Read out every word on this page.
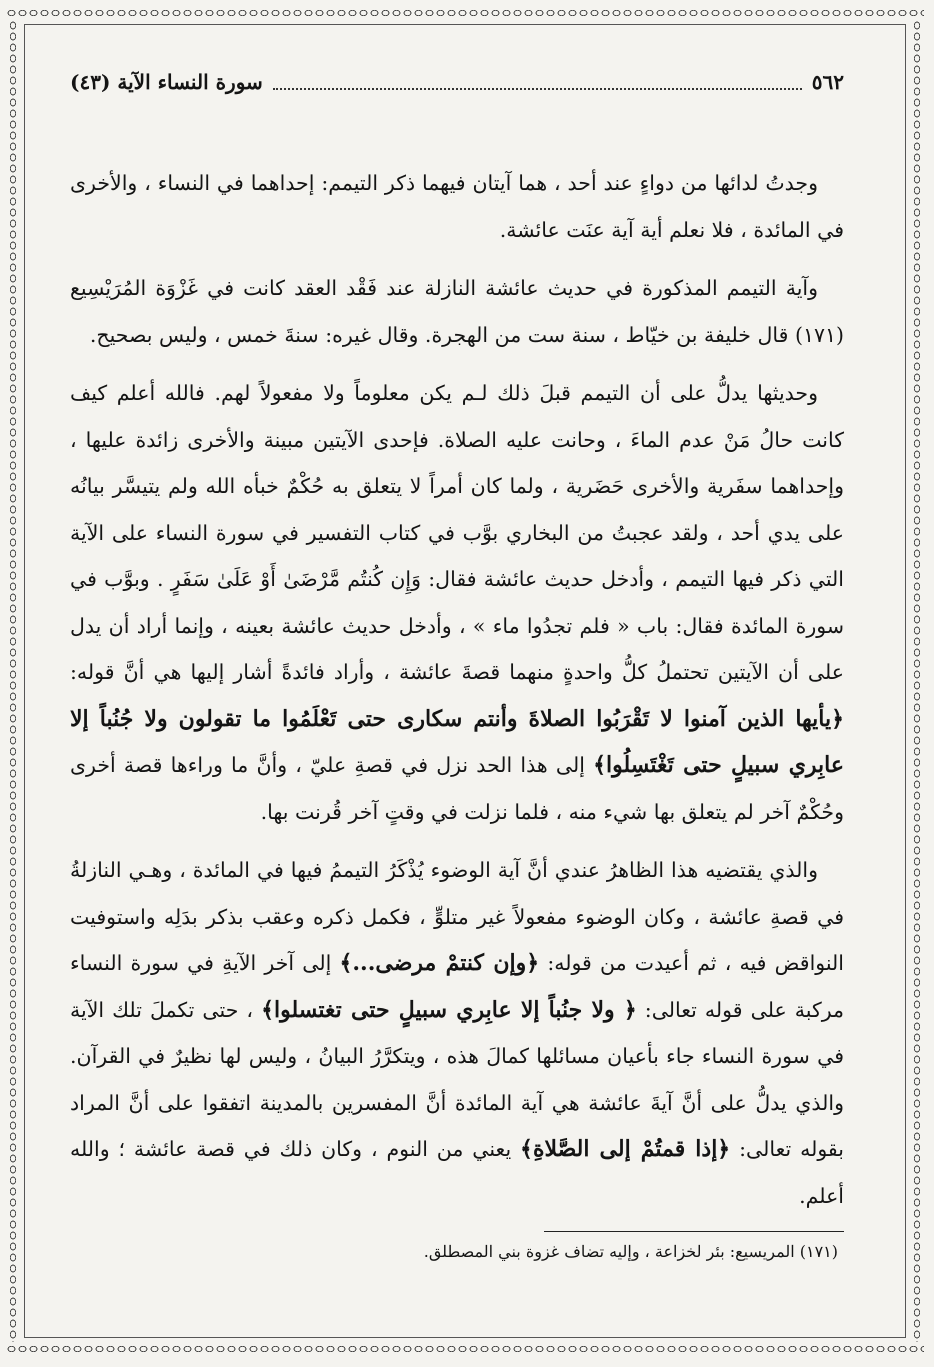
٥٦٢
سورة النساء الآية (٤٣)

وجدتُ لدائها من دواءٍ عند أحد ، هما آيتان فيهما ذكر التيمم: إحداهما في النساء ، والأخرى في المائدة ، فلا نعلم أية آية عنَت عائشة.

وآية التيمم المذكورة في حديث عائشة النازلة عند فَقْد العقد كانت في غَزْوَة المُرَيْسِيع (١٧١) قال خليفة بن خيّاط ، سنة ست من الهجرة. وقال غيره: سنةَ خمس ، وليس بصحيح.

وحديثها يدلُّ على أن التيمم قبلَ ذلك لـم يكن معلوماً ولا مفعولاً لهم. فالله أعلم كيف كانت حالُ مَنْ عدم الماءَ ، وحانت عليه الصلاة. فإحدى الآيتين مبينة والأخرى زائدة عليها ، وإحداهما سفَرية والأخرى حَضَرية ، ولما كان أمراً لا يتعلق به حُكْمٌ خبأه الله ولم يتيسَّر بيانُه على يدي أحد ، ولقد عجبتُ من البخاري بوَّب في كتاب التفسير في سورة النساء على الآية التي ذكر فيها التيمم ، وأدخل حديث عائشة فقال: وَإِن كُنتُم مَّرْضَىٰ أَوْ عَلَىٰ سَفَرٍ . وبوَّب في سورة المائدة فقال: باب « فلم تجدُوا ماء » ، وأدخل حديث عائشة بعينه ، وإنما أراد أن يدل على أن الآيتين تحتملُ كلُّ واحدةٍ منهما قصةَ عائشة ، وأراد فائدةً أشار إليها هي أنَّ قوله: ﴿يأيها الذين آمنوا لا تَقْرَبُوا الصلاةَ وأنتم سكارى حتى تَعْلَمُوا ما تقولون ولا جُنُباً إلا عابِري سبيلٍ حتى تَغْتَسِلُوا﴾ إلى هذا الحد نزل في قصةِ عليّ ، وأنَّ ما وراءها قصة أخرى وحُكْمٌ آخر لم يتعلق بها شيء منه ، فلما نزلت في وقتٍ آخر قُرنت بها.

والذي يقتضيه هذا الظاهرُ عندي أنَّ آية الوضوء يُذْكَرُ التيممُ فيها في المائدة ، وهـي النازلةُ في قصةِ عائشة ، وكان الوضوء مفعولاً غير متلوٍّ ، فكمل ذكره وعقب بذكر بدَلِه واستوفيت النواقض فيه ، ثم أعيدت من قوله: ﴿وإن كنتمْ مرضى...﴾ إلى آخر الآيةِ في سورة النساء مركبة على قوله تعالى: ﴿ ولا جنُباً إلا عابِري سبيلٍ حتى تغتسلوا﴾ ، حتى تكملَ تلك الآية في سورة النساء جاء بأعيان مسائلها كمالَ هذه ، ويتكرَّرُ البيانُ ، وليس لها نظيرٌ في القرآن. والذي يدلُّ على أنَّ آيةَ عائشة هي آية المائدة أنَّ المفسرين بالمدينة اتفقوا على أنَّ المراد بقوله تعالى: ﴿إذا قمتُمْ إلى الصَّلاةِ﴾ يعني من النوم ، وكان ذلك في قصة عائشة ؛ والله أعلم.

(١٧١) المريسيع: بئر لخزاعة ، وإليه تضاف غزوة بني المصطلق.
